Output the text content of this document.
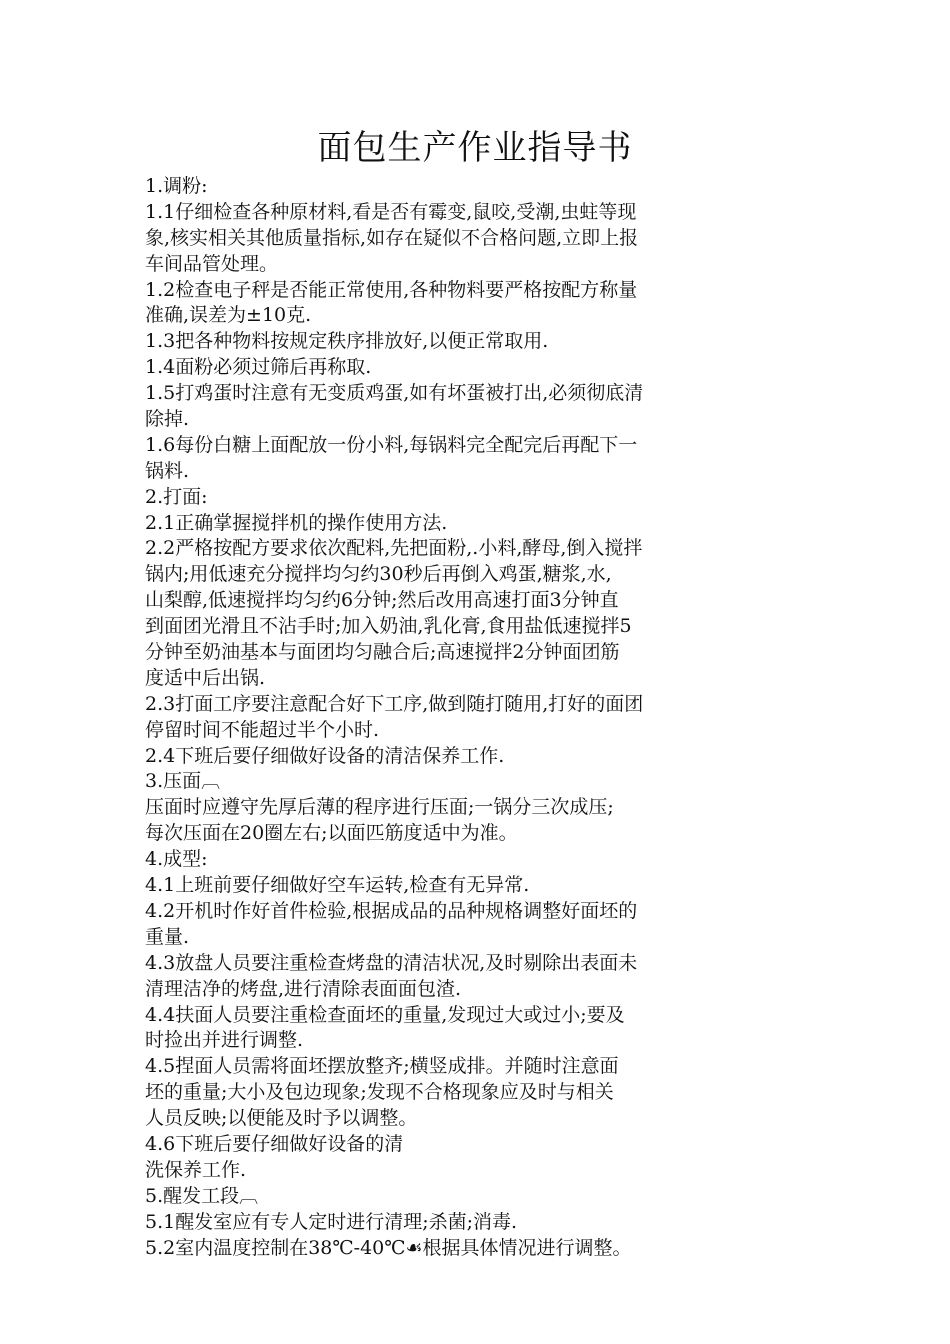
面包生产作业指导书
1.调粉:
1.1仔细检查各种原材料,看是否有霉变,鼠咬,受潮,虫蛀等现
象,核实相关其他质量指标,如存在疑似不合格问题,立即上报
车间品管处理。
1.2检查电子秤是否能正常使用,各种物料要严格按配方称量
准确,误差为±10克.
1.3把各种物料按规定秩序排放好,以便正常取用.
1.4面粉必须过筛后再称取.
1.5打鸡蛋时注意有无变质鸡蛋,如有坏蛋被打出,必须彻底清
除掉.
1.6每份白糖上面配放一份小料,每锅料完全配完后再配下一
锅料.
2.打面:
2.1正确掌握搅拌机的操作使用方法.
2.2严格按配方要求依次配料,先把面粉,.小料,酵母,倒入搅拌
锅内;用低速充分搅拌均匀约30秒后再倒入鸡蛋,糖浆,水,
山梨醇,低速搅拌均匀约6分钟;然后改用高速打面3分钟直
到面团光滑且不沾手时;加入奶油,乳化膏,食用盐低速搅拌5
分钟至奶油基本与面团均匀融合后;高速搅拌2分钟面团筋
度适中后出锅.
2.3打面工序要注意配合好下工序,做到随打随用,打好的面团
停留时间不能超过半个小时.
2.4下班后要仔细做好设备的清洁保养工作.
3.压面︹
压面时应遵守先厚后薄的程序进行压面;一锅分三次成压;
每次压面在20圈左右;以面匹筋度适中为准。
4.成型:
4.1上班前要仔细做好空车运转,检查有无异常.
4.2开机时作好首件检验,根据成品的品种规格调整好面坯的
重量.
4.3放盘人员要注重检查烤盘的清洁状况,及时剔除出表面未
清理洁净的烤盘,进行清除表面面包渣.
4.4扶面人员要注重检查面坯的重量,发现过大或过小;要及
时捡出并进行调整.
4.5捏面人员需将面坯摆放整齐;横竖成排。并随时注意面
坯的重量;大小及包边现象;发现不合格现象应及时与相关
人员反映;以便能及时予以调整。
4.6下班后要仔细做好设备的清
洗保养工作.
5.醒发工段︹
5.1醒发室应有专人定时进行清理;杀菌;消毒.
5.2室内温度控制在38℃-40℃☙根据具体情况进行调整。
